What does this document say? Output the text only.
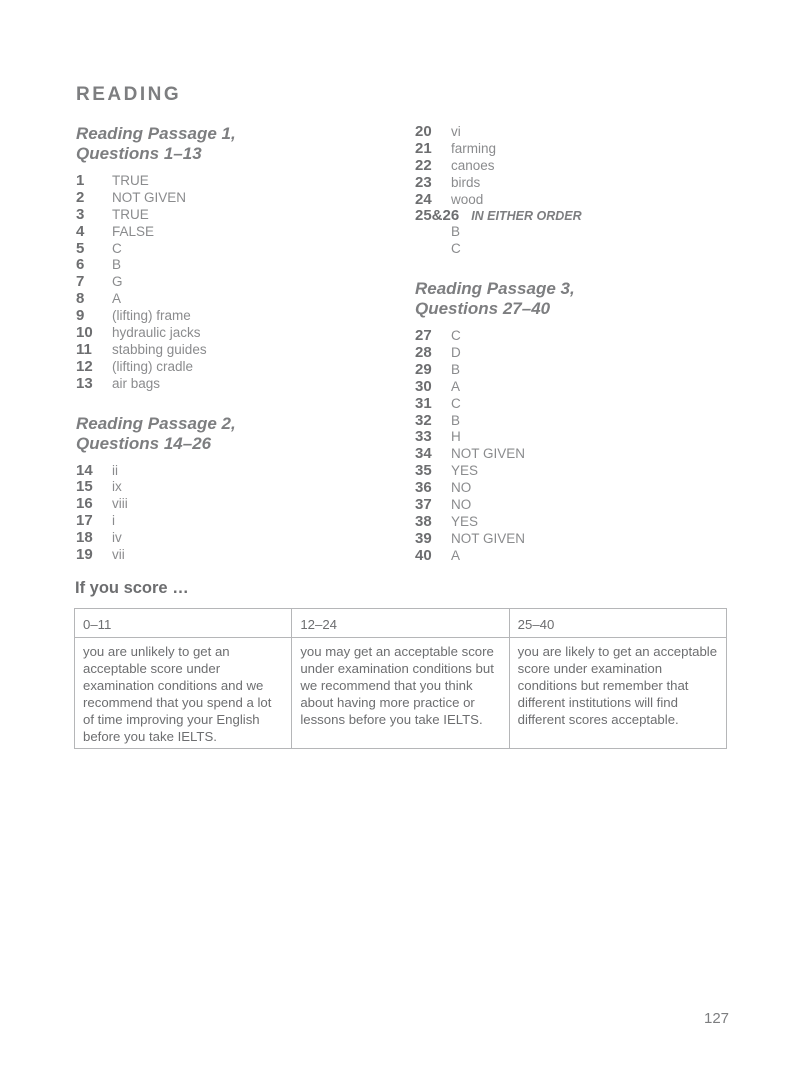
READING
Reading Passage 1,
Questions 1–13
1	TRUE
2	NOT GIVEN
3	TRUE
4	FALSE
5	C
6	B
7	G
8	A
9	(lifting) frame
10	hydraulic jacks
11	stabbing guides
12	(lifting) cradle
13	air bags
Reading Passage 2,
Questions 14–26
14	ii
15	ix
16	viii
17	i
18	iv
19	vii
20	vi
21	farming
22	canoes
23	birds
24	wood
25&26 IN EITHER ORDER
B
C
Reading Passage 3,
Questions 27–40
27	C
28	D
29	B
30	A
31	C
32	B
33	H
34	NOT GIVEN
35	YES
36	NO
37	NO
38	YES
39	NOT GIVEN
40	A
If you score …
0–11	12–24	25–40
you are unlikely to get an acceptable score under examination conditions and we recommend that you spend a lot of time improving your English before you take IELTS.	you may get an acceptable score under examination conditions but we recommend that you think about having more practice or lessons before you take IELTS.	you are likely to get an acceptable score under examination conditions but remember that different institutions will find different scores acceptable.
127
